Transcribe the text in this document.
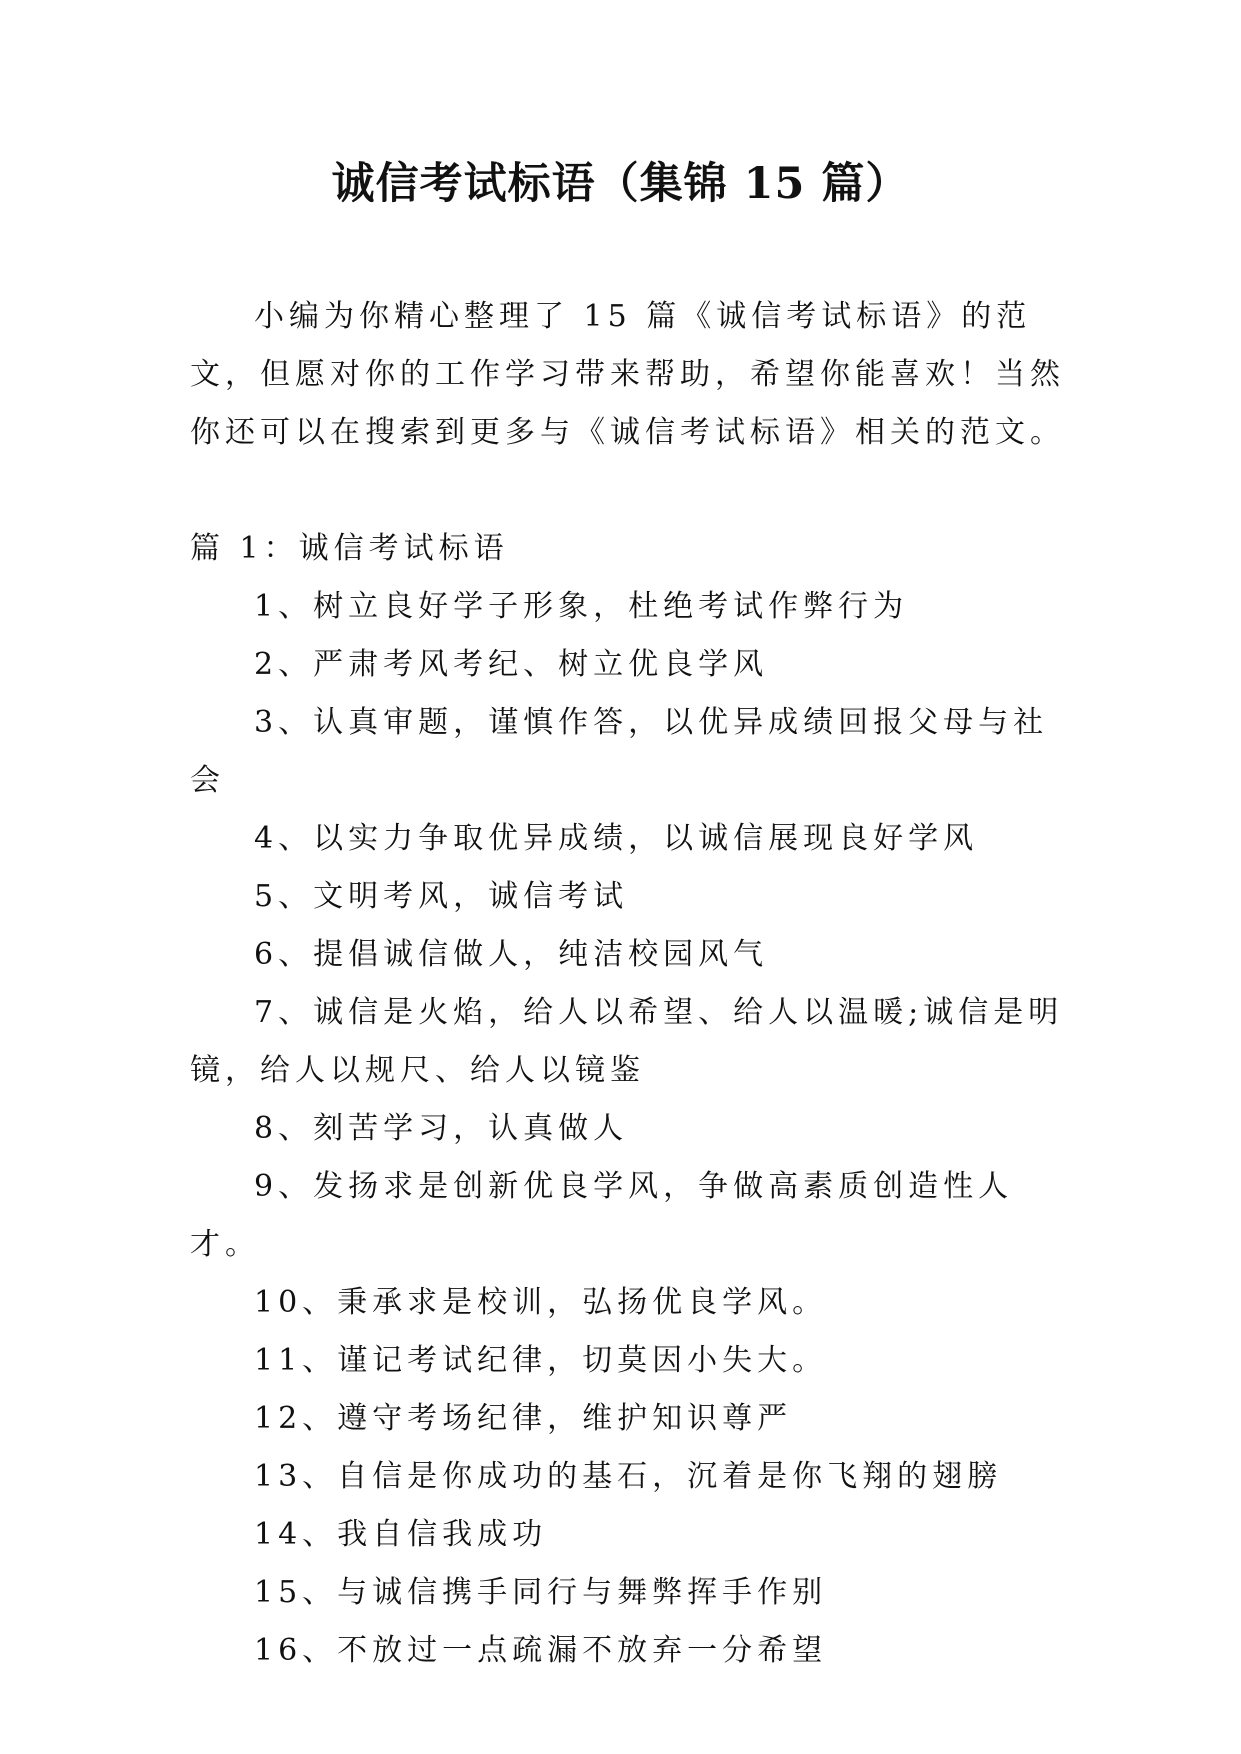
诚信考试标语（集锦 15 篇）

小编为你精心整理了 15 篇《诚信考试标语》的范文，但愿对你的工作学习带来帮助，希望你能喜欢！当然你还可以在搜索到更多与《诚信考试标语》相关的范文。

篇 1：诚信考试标语
1、树立良好学子形象，杜绝考试作弊行为
2、严肃考风考纪、树立优良学风
3、认真审题，谨慎作答，以优异成绩回报父母与社会
4、以实力争取优异成绩，以诚信展现良好学风
5、文明考风，诚信考试
6、提倡诚信做人，纯洁校园风气
7、诚信是火焰，给人以希望、给人以温暖;诚信是明镜，给人以规尺、给人以镜鉴
8、刻苦学习，认真做人
9、发扬求是创新优良学风，争做高素质创造性人才。
10、秉承求是校训，弘扬优良学风。
11、谨记考试纪律，切莫因小失大。
12、遵守考场纪律，维护知识尊严
13、自信是你成功的基石，沉着是你飞翔的翅膀
14、我自信我成功
15、与诚信携手同行与舞弊挥手作别
16、不放过一点疏漏不放弃一分希望
